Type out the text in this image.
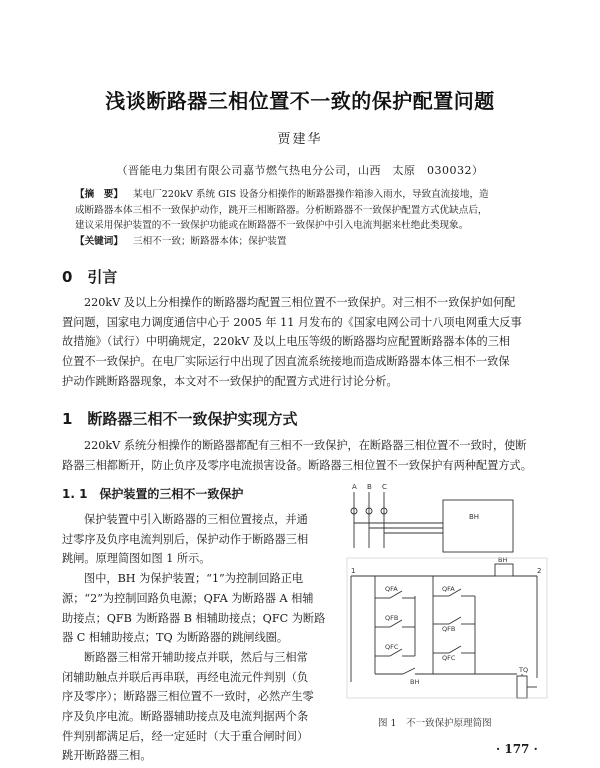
浅谈断路器三相位置不一致的保护配置问题
贾建华
（晋能电力集团有限公司嘉节燃气热电分公司，山西　太原　030032）
【摘　要】	某电厂220kV 系统 GIS 设备分相操作的断路器操作箱渗入雨水，导致直流接地，造
成断路器本体三相不一致保护动作，跳开三相断路器。分析断路器不一致保护配置方式优缺点后，
建议采用保护装置的不一致保护功能或在断路器不一致保护中引入电流判据来杜绝此类现象。
【关键词】	三相不一致；断路器本体；保护装置
0　引言
220kV 及以上分相操作的断路器均配置三相位置不一致保护。对三相不一致保护如何配
置问题，国家电力调度通信中心于 2005 年 11 月发布的《国家电网公司十八项电网重大反事
故措施》（试行）中明确规定，220kV 及以上电压等级的断路器均应配置断路器本体的三相
位置不一致保护。在电厂实际运行中出现了因直流系统接地而造成断路器本体三相不一致保
护动作跳断路器现象，本文对不一致保护的配置方式进行讨论分析。
1　断路器三相不一致保护实现方式
220kV 系统分相操作的断路器都配有三相不一致保护，在断路器三相位置不一致时，使断
路器三相都断开，防止负序及零序电流损害设备。断路器三相位置不一致保护有两种配置方式。
1. 1　保护装置的三相不一致保护
保护装置中引入断路器的三相位置接点，并通
过零序及负序电流判别后，保护动作于断路器三相
跳闸。原理简图如图 1 所示。
图中，BH 为保护装置；“1”为控制回路正电
源；“2”为控制回路负电源；QFA 为断路器 A 相辅
助接点；QFB 为断路器 B 相辅助接点；QFC 为断路
器 C 相辅助接点；TQ 为断路器的跳闸线圈。
断路器三相常开辅助接点并联，然后与三相常
闭辅助触点并联后再串联，再经电流元件判别（负
序及零序）；断路器三相位置不一致时，必然产生零
序及负序电流。断路器辅助接点及电流判据两个条
件判别都满足后，经一定延时（大于重合闸时间）
跳开断路器三相。
A B C
BH
1	2
BH
QFA	QFA
QFB
QFB
QFC
QFC
BH
TQ
图 1　不一致保护原理简图
· 177 ·
